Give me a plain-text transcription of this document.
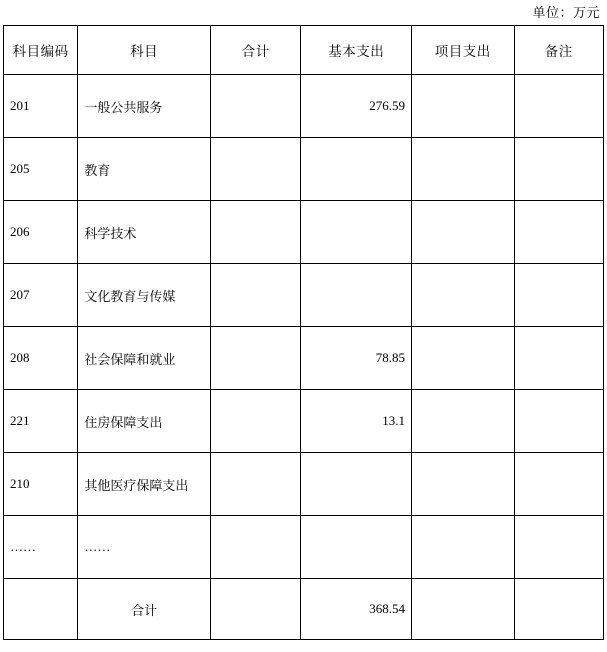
单位：万元
科目编码	科目	合计	基本支出	项目支出	备注
201	一般公共服务		276.59		
205	教育				
206	科学技术				
207	文化教育与传媒				
208	社会保障和就业		78.85		
221	住房保障支出		13.1		
210	其他医疗保障支出				
……	……				
	合计		368.54		
